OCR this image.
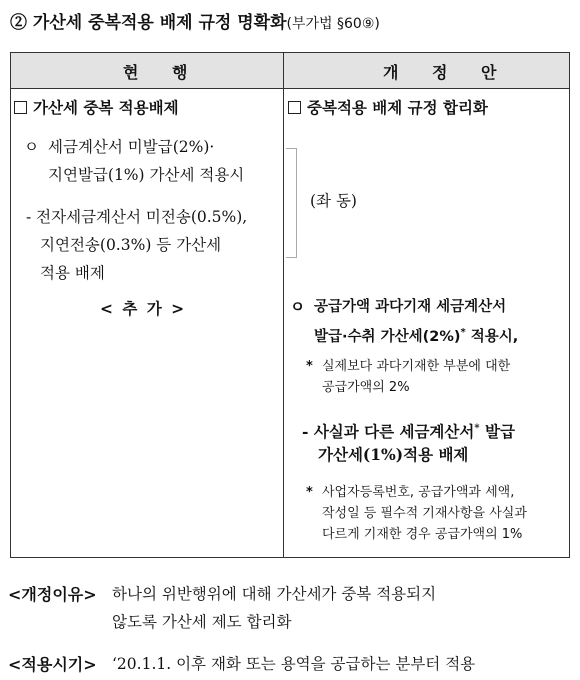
② 가산세 중복적용 배제 규정 명확화(부가법 §60⑨)
현 행	개 정 안
가산세 중복 적용배제
ㅇ 세금계산서 미발급(2%)·
지연발급(1%) 가산세 적용시
- 전자세금계산서 미전송(0.5%),
지연전송(0.3%) 등 가산세
적용 배제
< 추 가 >
중복적용 배제 규정 합리화
(좌 동)
ㅇ 공급가액 과다기재 세금계산서
발급·수취 가산세(2%)* 적용시,
* 실제보다 과다기재한 부분에 대한
공급가액의 2%
- 사실과 다른 세금계산서* 발급
가산세(1%)적용 배제
* 사업자등록번호, 공급가액과 세액,
작성일 등 필수적 기재사항을 사실과
다르게 기재한 경우 공급가액의 1%
<개정이유> 하나의 위반행위에 대해 가산세가 중복 적용되지
않도록 가산세 제도 합리화
<적용시기> ‘20.1.1. 이후 재화 또는 용역을 공급하는 분부터 적용
